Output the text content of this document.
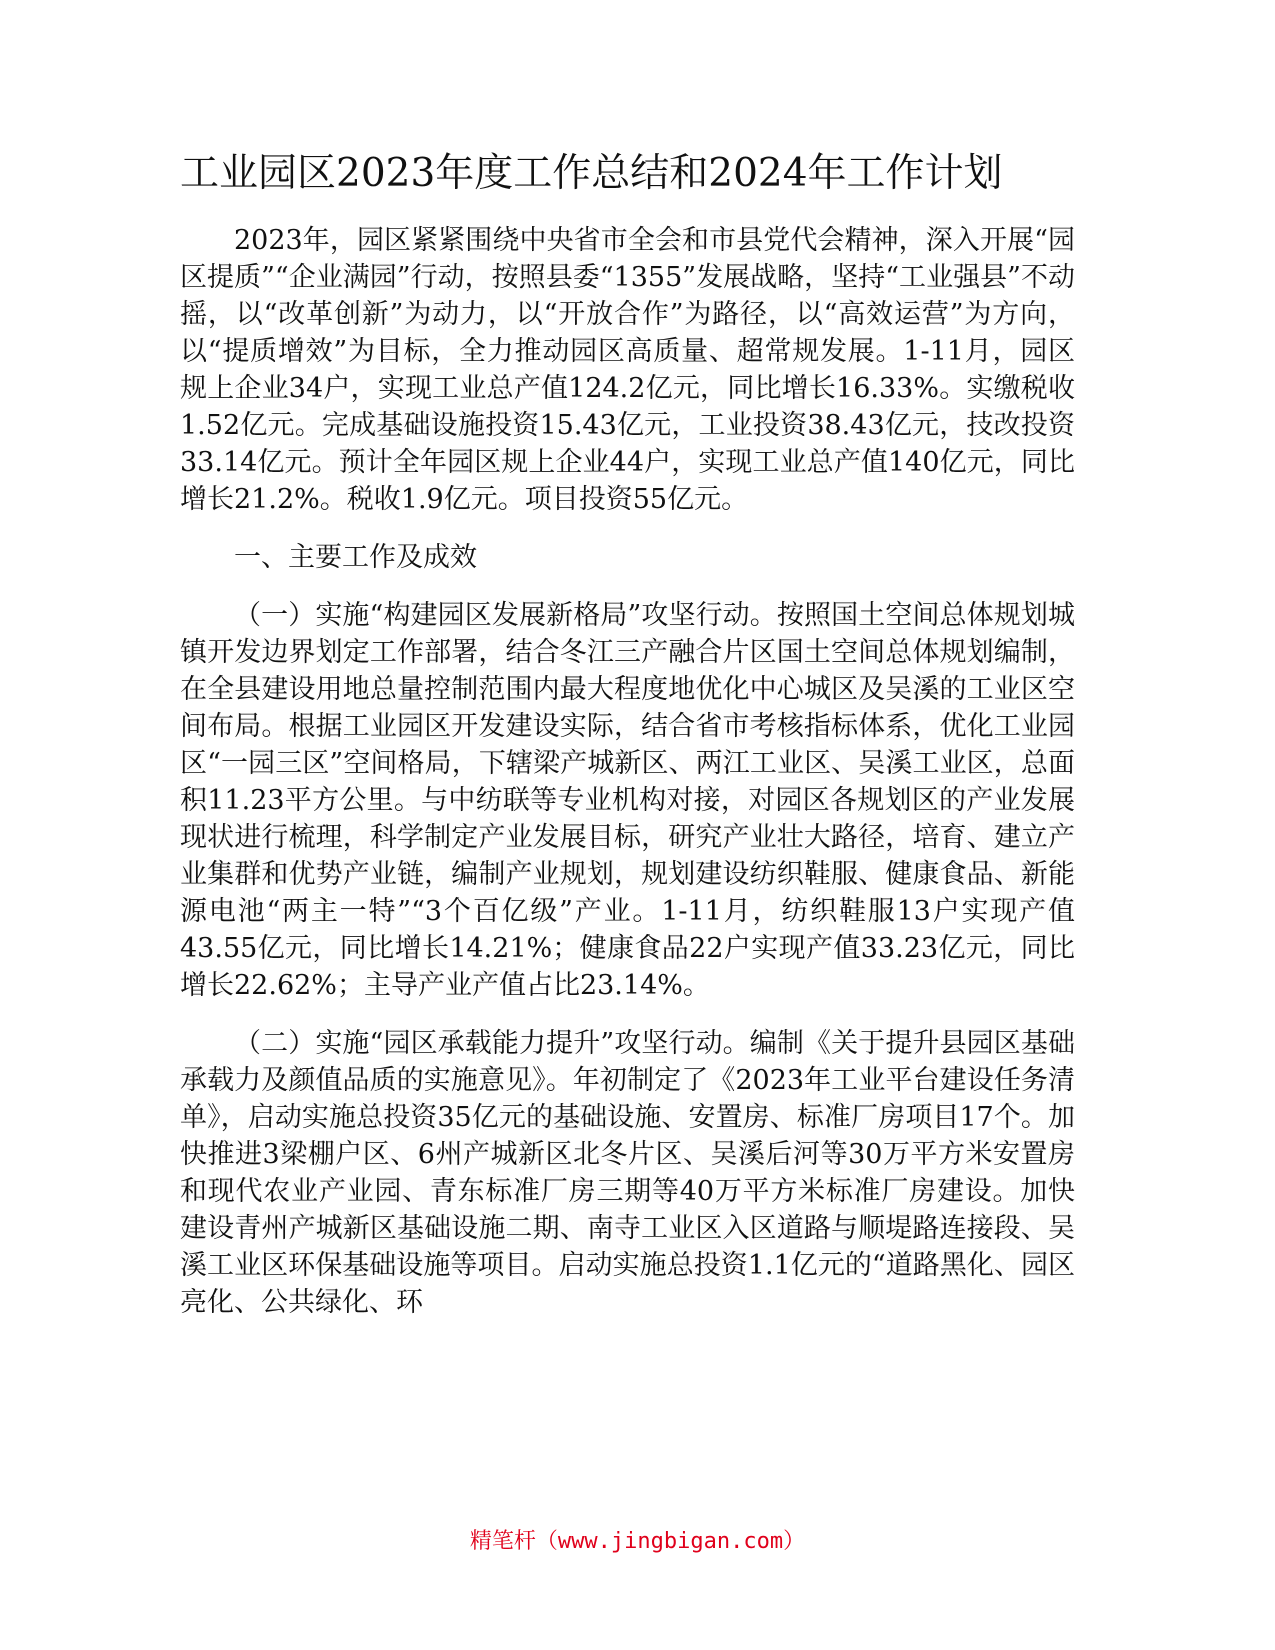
工业园区2023年度工作总结和2024年工作计划

2023年，园区紧紧围绕中央省市全会和市县党代会精神，深入开展“园区提质”“企业满园”行动，按照县委“1355”发展战略，坚持“工业强县”不动摇，以“改革创新”为动力，以“开放合作”为路径，以“高效运营”为方向，以“提质增效”为目标，全力推动园区高质量、超常规发展。1-11月，园区规上企业34户，实现工业总产值124.2亿元，同比增长16.33%。实缴税收1.52亿元。完成基础设施投资15.43亿元，工业投资38.43亿元，技改投资33.14亿元。预计全年园区规上企业44户，实现工业总产值140亿元，同比增长21.2%。税收1.9亿元。项目投资55亿元。

一、主要工作及成效

（一）实施“构建园区发展新格局”攻坚行动。按照国土空间总体规划城镇开发边界划定工作部署，结合冬江三产融合片区国土空间总体规划编制，在全县建设用地总量控制范围内最大程度地优化中心城区及吴溪的工业区空间布局。根据工业园区开发建设实际，结合省市考核指标体系，优化工业园区“一园三区”空间格局，下辖梁产城新区、两江工业区、吴溪工业区，总面积11.23平方公里。与中纺联等专业机构对接，对园区各规划区的产业发展现状进行梳理，科学制定产业发展目标，研究产业壮大路径，培育、建立产业集群和优势产业链，编制产业规划，规划建设纺织鞋服、健康食品、新能源电池“两主一特”“3个百亿级”产业。1-11月，纺织鞋服13户实现产值43.55亿元，同比增长14.21%；健康食品22户实现产值33.23亿元，同比增长22.62%；主导产业产值占比23.14%。

（二）实施“园区承载能力提升”攻坚行动。编制《关于提升县园区基础承载力及颜值品质的实施意见》。年初制定了《2023年工业平台建设任务清单》，启动实施总投资35亿元的基础设施、安置房、标准厂房项目17个。加快推进3梁棚户区、6州产城新区北冬片区、吴溪后河等30万平方米安置房和现代农业产业园、青东标准厂房三期等40万平方米标准厂房建设。加快建设青州产城新区基础设施二期、南寺工业区入区道路与顺堤路连接段、吴溪工业区环保基础设施等项目。启动实施总投资1.1亿元的“道路黑化、园区亮化、公共绿化、环

精笔杆（www.jingbigan.com）
